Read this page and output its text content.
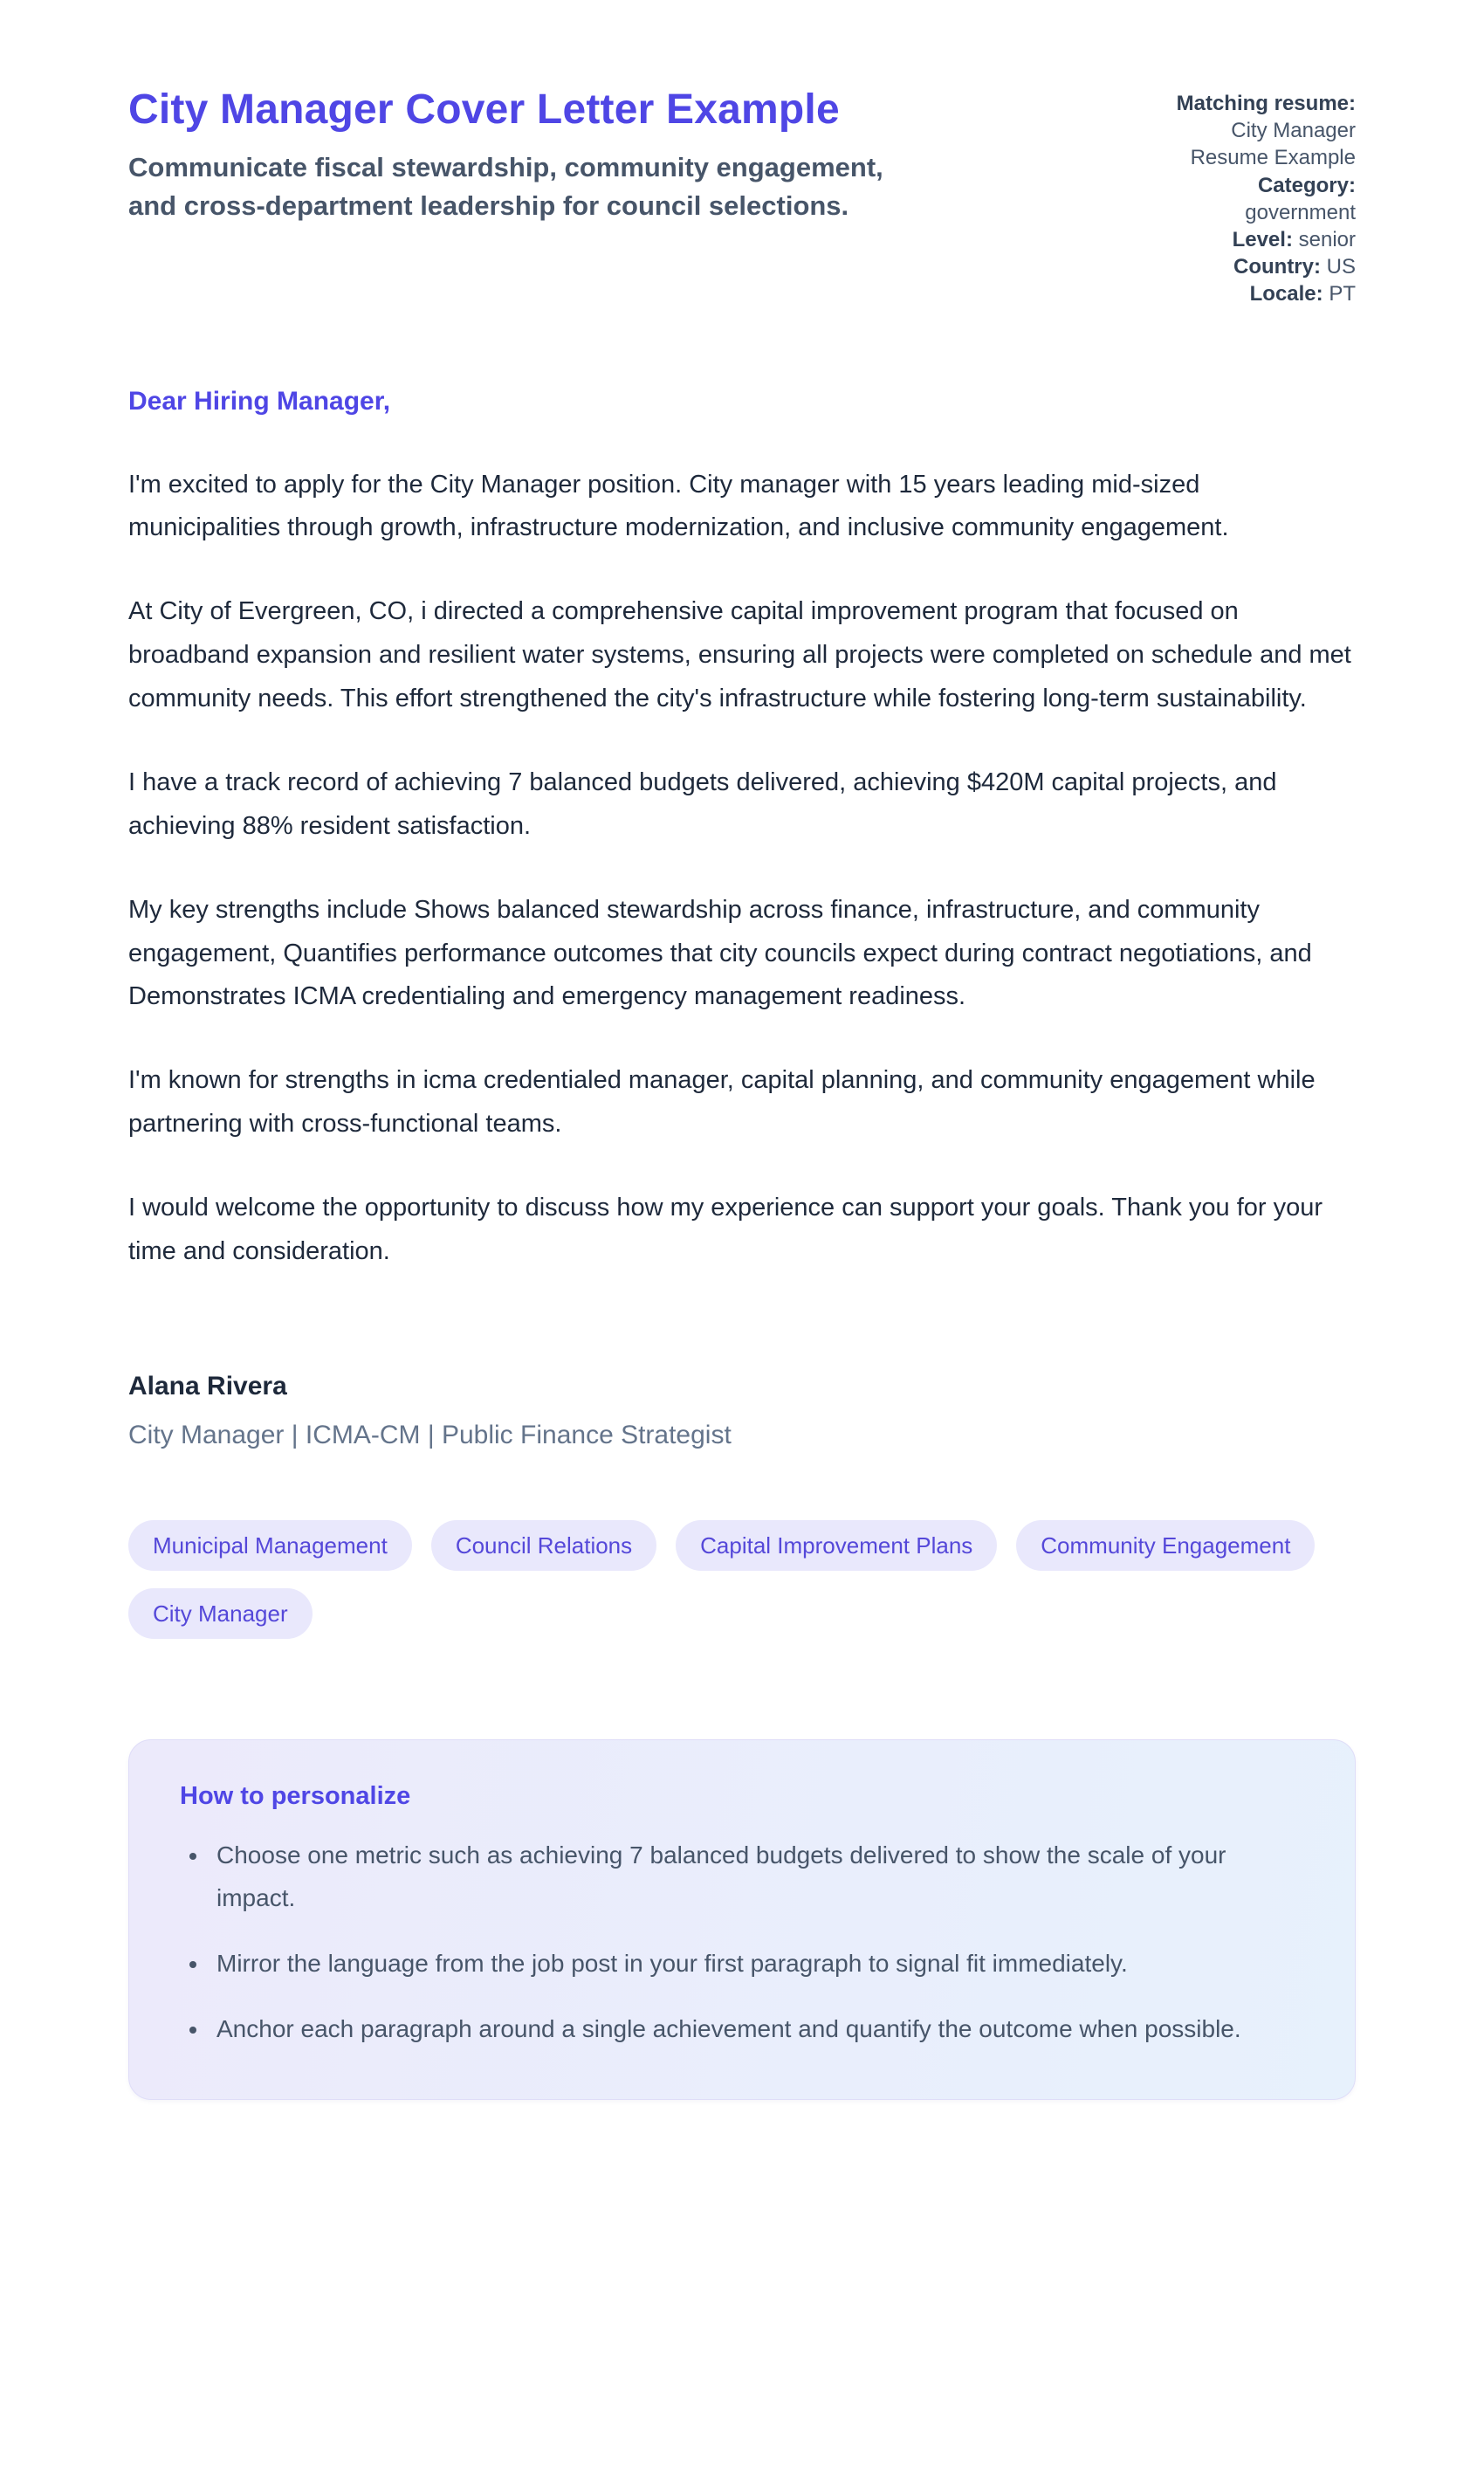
City Manager Cover Letter Example

Communicate fiscal stewardship, community engagement, and cross-department leadership for council selections.

Matching resume: City Manager Resume Example
Category: government
Level: senior
Country: US
Locale: PT

Dear Hiring Manager,

I'm excited to apply for the City Manager position. City manager with 15 years leading mid-sized municipalities through growth, infrastructure modernization, and inclusive community engagement.

At City of Evergreen, CO, i directed a comprehensive capital improvement program that focused on broadband expansion and resilient water systems, ensuring all projects were completed on schedule and met community needs. This effort strengthened the city's infrastructure while fostering long-term sustainability.

I have a track record of achieving 7 balanced budgets delivered, achieving $420M capital projects, and achieving 88% resident satisfaction.

My key strengths include Shows balanced stewardship across finance, infrastructure, and community engagement, Quantifies performance outcomes that city councils expect during contract negotiations, and Demonstrates ICMA credentialing and emergency management readiness.

I'm known for strengths in icma credentialed manager, capital planning, and community engagement while partnering with cross-functional teams.

I would welcome the opportunity to discuss how my experience can support your goals. Thank you for your time and consideration.

Alana Rivera

City Manager | ICMA-CM | Public Finance Strategist

Municipal Management	Council Relations	Capital Improvement Plans	Community Engagement
City Manager
How to personalize
• Choose one metric such as achieving 7 balanced budgets delivered to show the scale of your impact.
• Mirror the language from the job post in your first paragraph to signal fit immediately.
• Anchor each paragraph around a single achievement and quantify the outcome when possible.
